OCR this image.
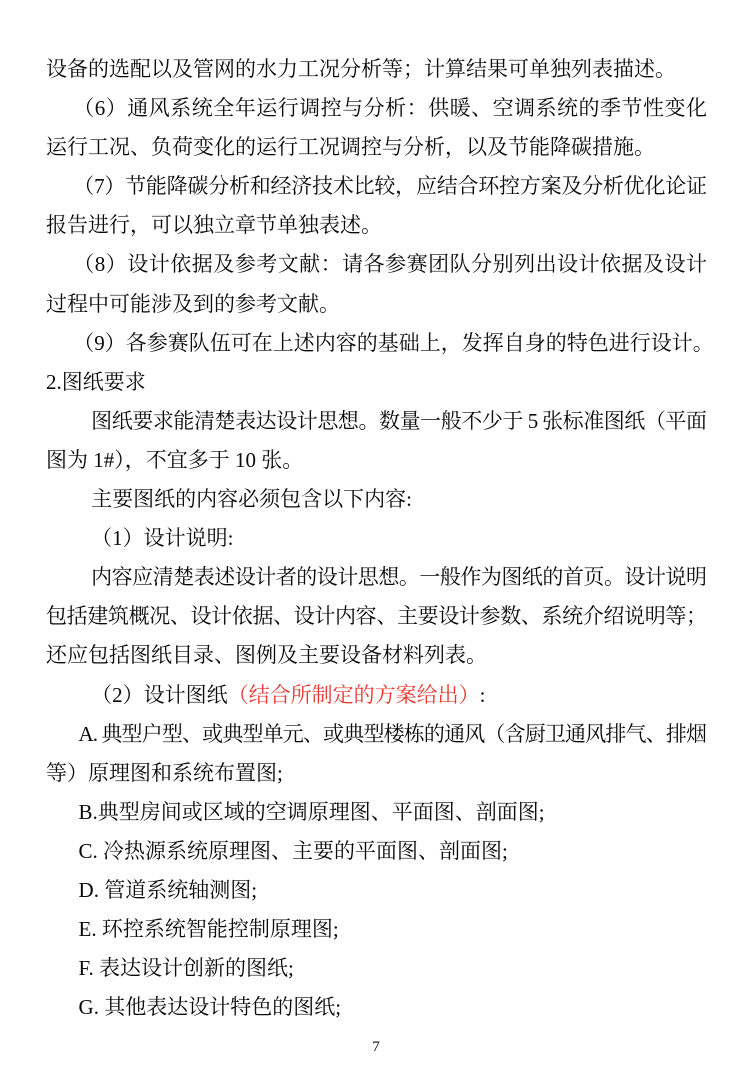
设备的选配以及管网的水力工况分析等；计算结果可单独列表描述。
（6）通风系统全年运行调控与分析：供暖、空调系统的季节性变化
运行工况、负荷变化的运行工况调控与分析，以及节能降碳措施。
（7）节能降碳分析和经济技术比较，应结合环控方案及分析优化论证
报告进行，可以独立章节单独表述。
（8）设计依据及参考文献：请各参赛团队分别列出设计依据及设计
过程中可能涉及到的参考文献。
（9）各参赛队伍可在上述内容的基础上，发挥自身的特色进行设计。
2.图纸要求
图纸要求能清楚表达设计思想。数量一般不少于 5 张标准图纸（平面
图为 1#），不宜多于 10 张。
主要图纸的内容必须包含以下内容:
（1）设计说明:
内容应清楚表述设计者的设计思想。一般作为图纸的首页。设计说明
包括建筑概况、设计依据、设计内容、主要设计参数、系统介绍说明等；
还应包括图纸目录、图例及主要设备材料列表。
（2）设计图纸（结合所制定的方案给出）:
A. 典型户型、或典型单元、或典型楼栋的通风（含厨卫通风排气、排烟
等）原理图和系统布置图;
B.典型房间或区域的空调原理图、平面图、剖面图;
C. 冷热源系统原理图、主要的平面图、剖面图;
D. 管道系统轴测图;
E. 环控系统智能控制原理图;
F. 表达设计创新的图纸;
G. 其他表达设计特色的图纸;
7
